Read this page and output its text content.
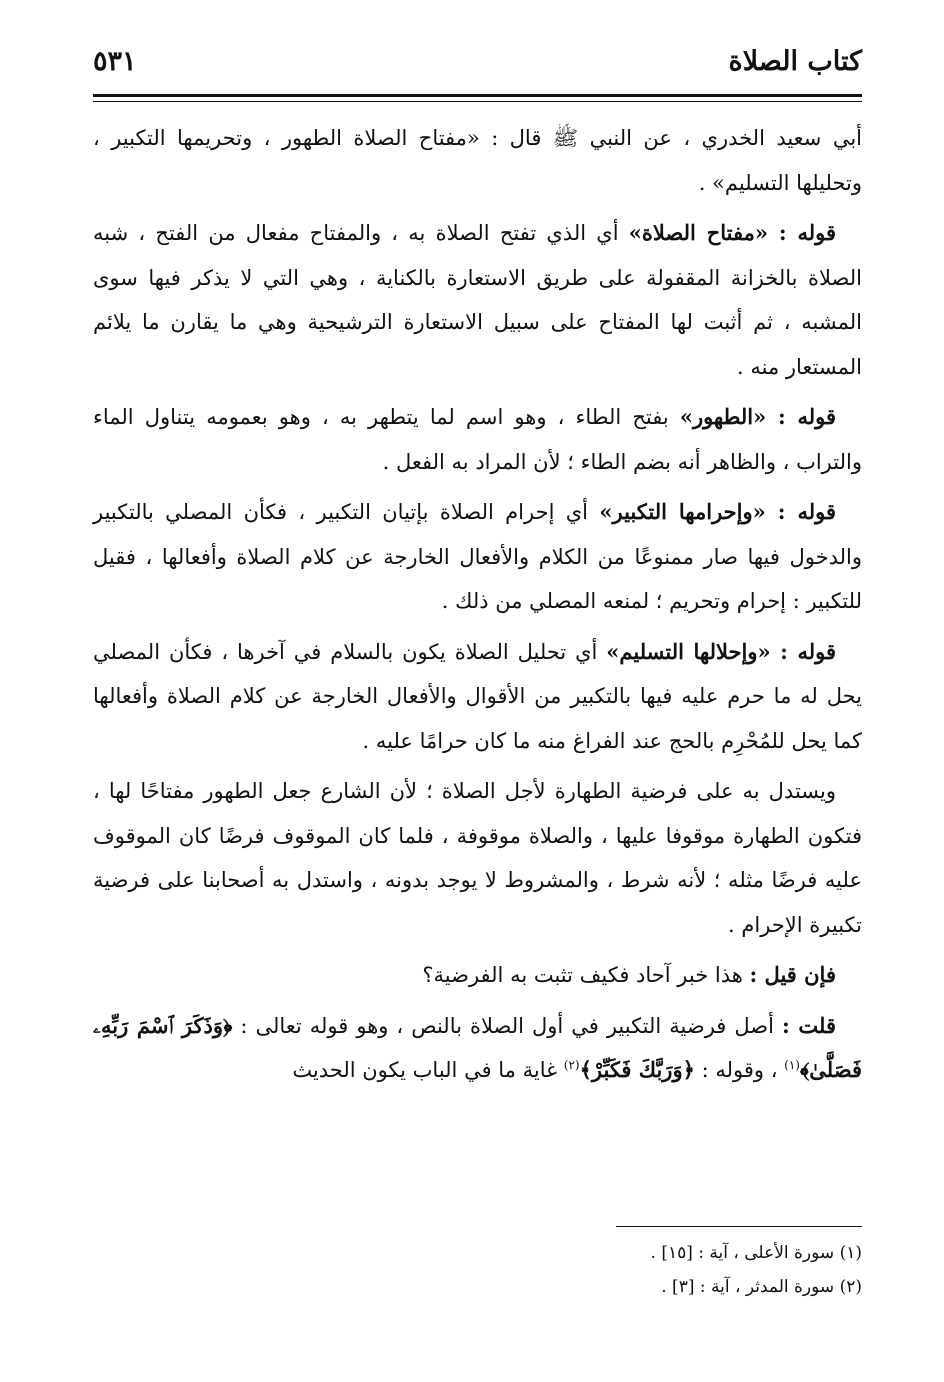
كتاب الصلاة
٥٣١

أبي سعيد الخدري ، عن النبي ﷺ قال : «مفتاح الصلاة الطهور ، وتحريمها التكبير ، وتحليلها التسليم» .

قوله : «مفتاح الصلاة» أي الذي تفتح الصلاة به ، والمفتاح مفعال من الفتح ، شبه الصلاة بالخزانة المقفولة على طريق الاستعارة بالكناية ، وهي التي لا يذكر فيها سوى المشبه ، ثم أثبت لها المفتاح على سبيل الاستعارة الترشيحية وهي ما يقارن ما يلائم المستعار منه .

قوله : «الطهور» بفتح الطاء ، وهو اسم لما يتطهر به ، وهو بعمومه يتناول الماء والتراب ، والظاهر أنه بضم الطاء ؛ لأن المراد به الفعل .

قوله : «وإحرامها التكبير» أي إحرام الصلاة بإتيان التكبير ، فكأن المصلي بالتكبير والدخول فيها صار ممنوعًا من الكلام والأفعال الخارجة عن كلام الصلاة وأفعالها ، فقيل للتكبير : إحرام وتحريم ؛ لمنعه المصلي من ذلك .

قوله : «وإحلالها التسليم» أي تحليل الصلاة يكون بالسلام في آخرها ، فكأن المصلي يحل له ما حرم عليه فيها بالتكبير من الأقوال والأفعال الخارجة عن كلام الصلاة وأفعالها كما يحل للمُحْرِم بالحج عند الفراغ منه ما كان حرامًا عليه .

ويستدل به على فرضية الطهارة لأجل الصلاة ؛ لأن الشارع جعل الطهور مفتاحًا لها ، فتكون الطهارة موقوفا عليها ، والصلاة موقوفة ، فلما كان الموقوف فرضًا كان الموقوف عليه فرضًا مثله ؛ لأنه شرط ، والمشروط لا يوجد بدونه ، واستدل به أصحابنا على فرضية تكبيرة الإحرام .

فإن قيل : هذا خبر آحاد فكيف تثبت به الفرضية؟

قلت : أصل فرضية التكبير في أول الصلاة بالنص ، وهو قوله تعالى : ﴿وَذَكَرَ ٱسْمَ رَبِّهِۦ فَصَلَّىٰ﴾$^{(١)}$ ، وقوله : ﴿وَرَبَّكَ فَكَبِّرْ﴾$^{(٢)}$ غاية ما في الباب يكون الحديث

(١) سورة الأعلى ، آية : [١٥] .
(٢) سورة المدثر ، آية : [٣] .
